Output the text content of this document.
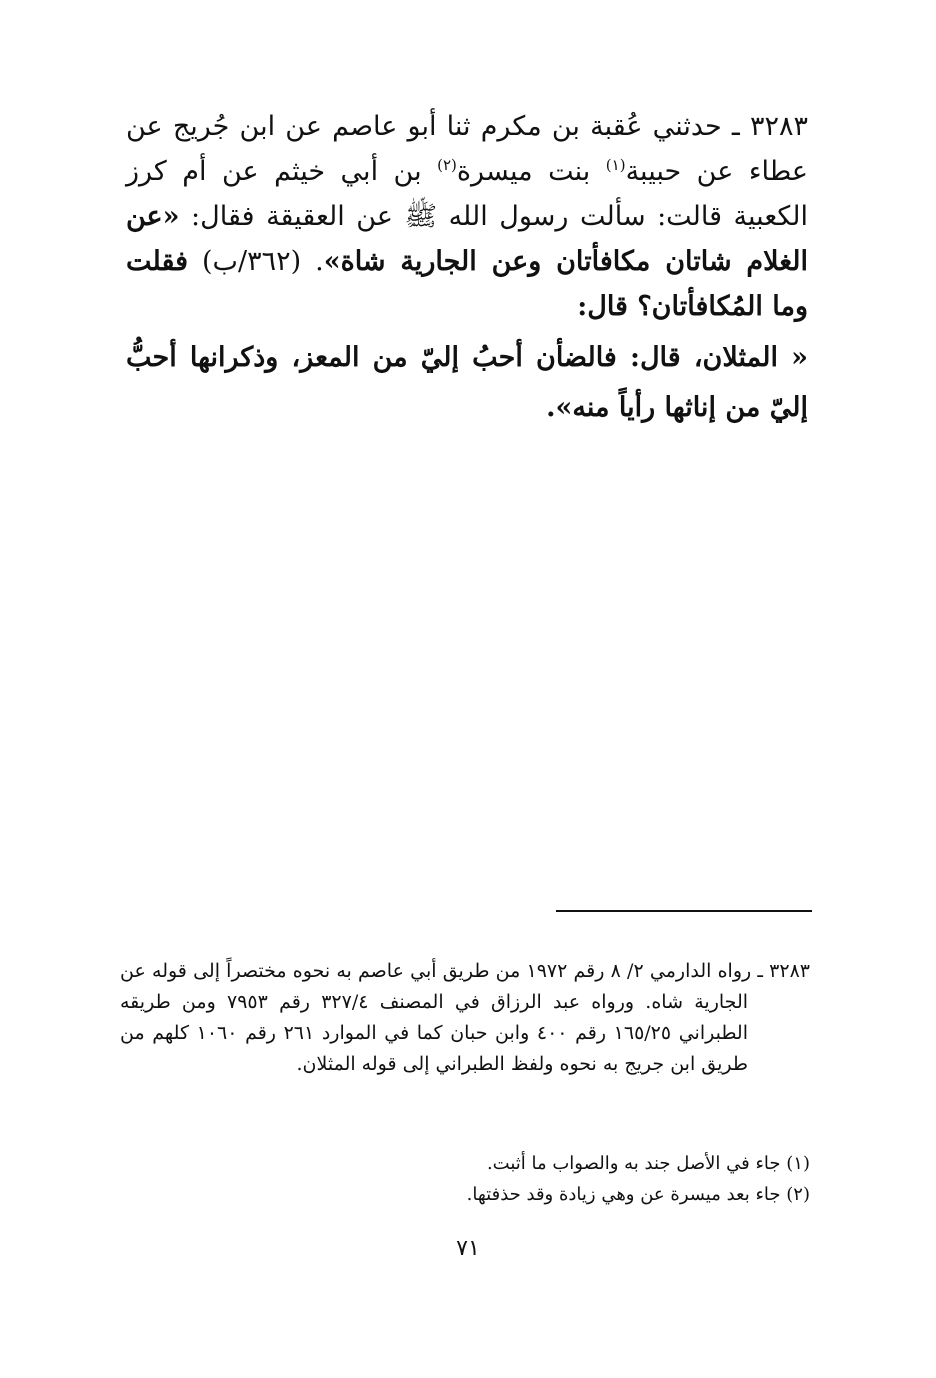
٣٢٨٣ ـ حدثني عُقبة بن مكرم ثنا أبو عاصم عن ابن جُريج عن عطاء عن حبيبة$^{(١)}$ بنت ميسرة$^{(٢)}$ بن أبي خيثم عن أم كرز الكعبية قالت: سألت رسول الله ﷺ عن العقيقة فقال: «عن الغلام شاتان مكافأتان وعن الجارية شاة». (٣٦٢/ب) فقلت وما المُكافأتان؟ قال:

« المثلان، قال: فالضأن أحبُ إليّ من المعز، وذكرانها أحبُّ إليّ من إناثها رأياً منه».

٣٢٨٣ ـ رواه الدارمي ٢/ ٨ رقم ١٩٧٢ من طريق أبي عاصم به نحوه مختصراً إلى قوله عن الجارية شاه. ورواه عبد الرزاق في المصنف ٣٢٧/٤ رقم ٧٩٥٣ ومن طريقه الطبراني ١٦٥/٢٥ رقم ٤٠٠ وابن حبان كما في الموارد ٢٦١ رقم ١٠٦٠ كلهم من طريق ابن جريج به نحوه ولفظ الطبراني إلى قوله المثلان.

(١) جاء في الأصل جند به والصواب ما أثبت.
(٢) جاء بعد ميسرة عن وهي زيادة وقد حذفتها.
٧١
